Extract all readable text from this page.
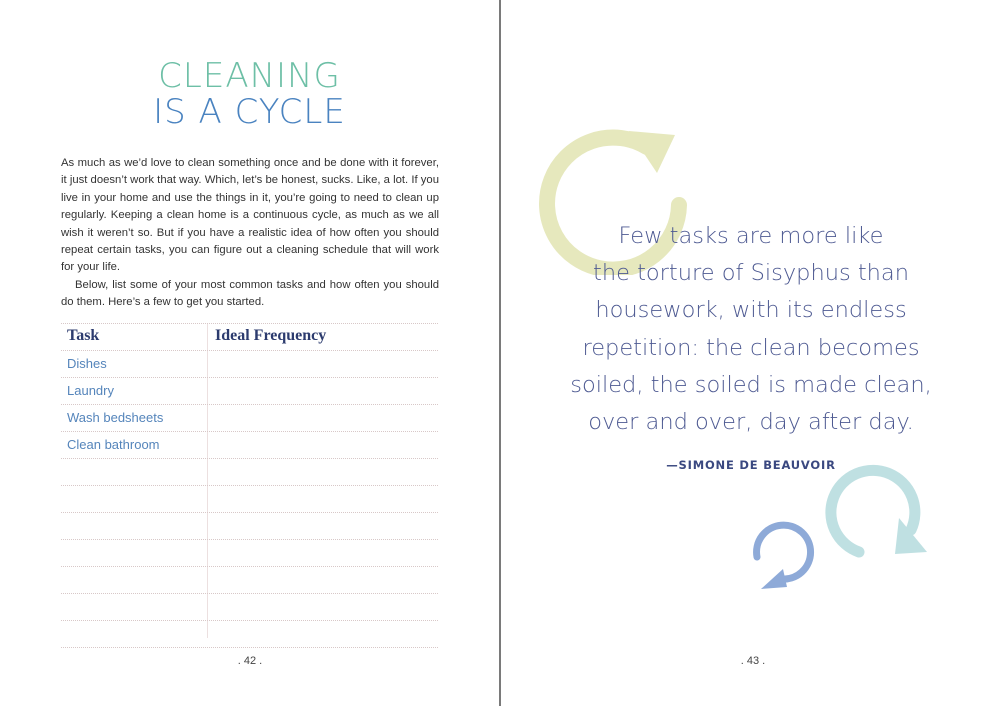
CLEANING
IS A CYCLE

As much as we’d love to clean something once and be done with it forever, it just doesn’t work that way. Which, let’s be honest, sucks. Like, a lot. If you live in your home and use the things in it, you’re going to need to clean up regularly. Keeping a clean home is a continuous cycle, as much as we all wish it weren’t so. But if you have a realistic idea of how often you should repeat certain tasks, you can figure out a cleaning schedule that will work for your life.

Below, list some of your most common tasks and how often you should do them. Here’s a few to get you started.

Task	Ideal Frequency
Dishes
Laundry
Wash bedsheets
Clean bathroom
. 42 .
Few tasks are more like
the torture of Sisyphus than
housework, with its endless
repetition: the clean becomes
soiled, the soiled is made clean,
over and over, day after day.
—SIMONE DE BEAUVOIR
. 43 .
